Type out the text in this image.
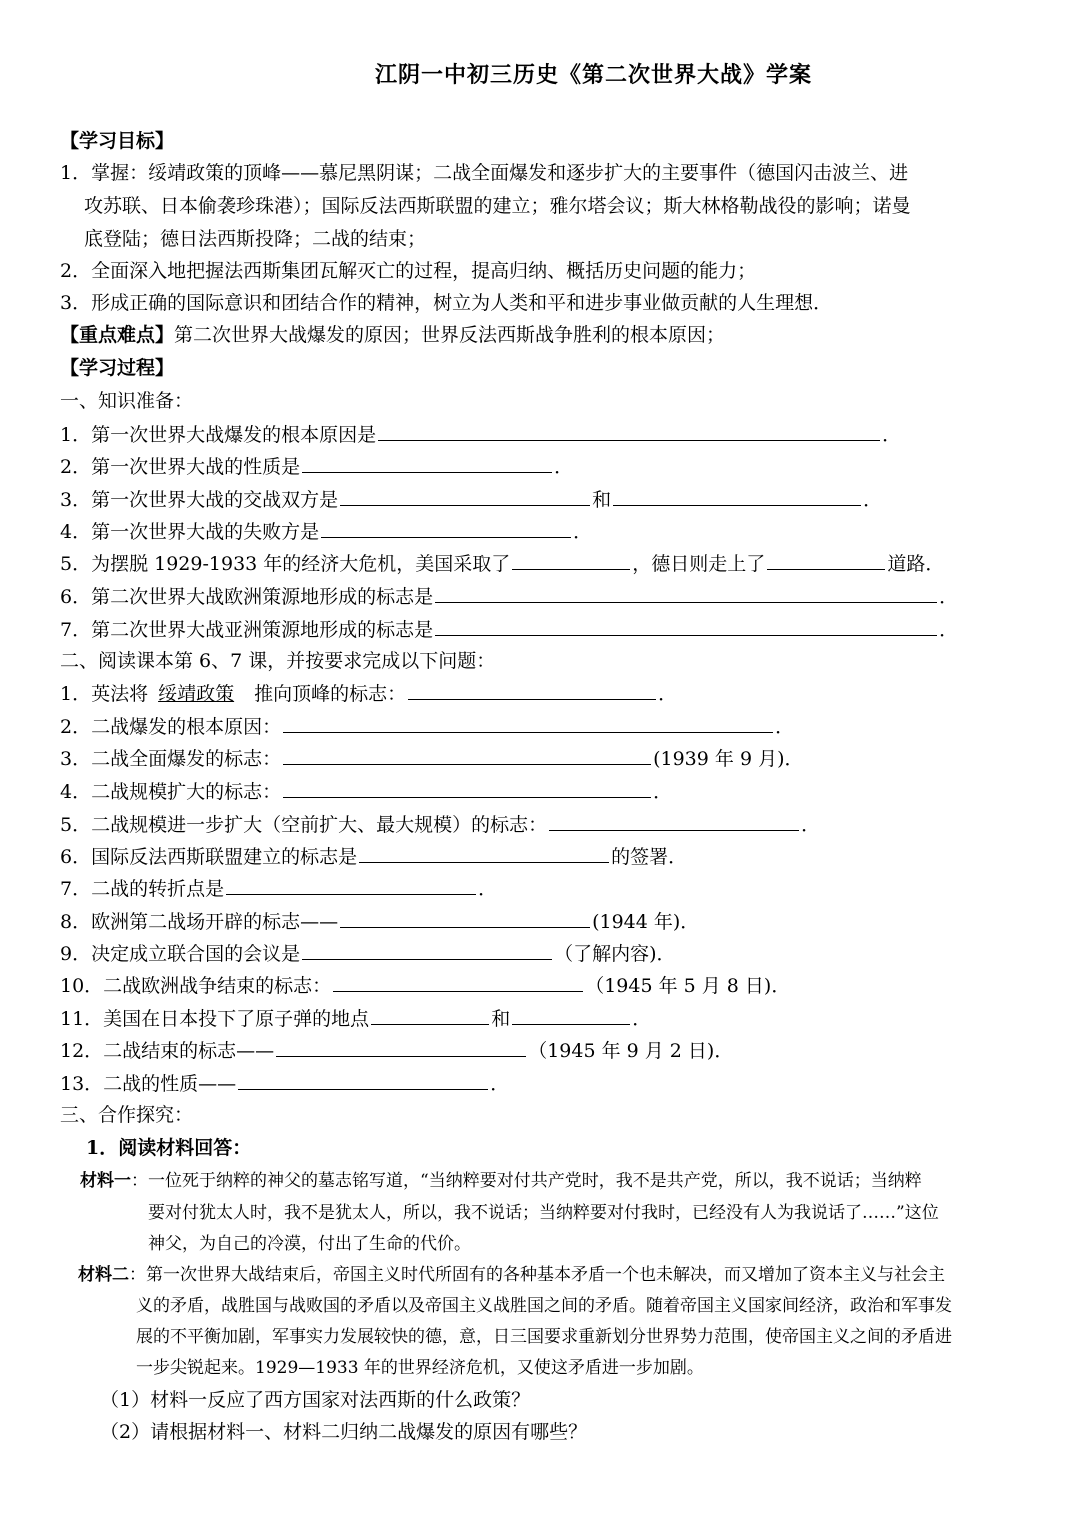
江阴一中初三历史《第二次世界大战》学案
【学习目标】
1．掌握：绥靖政策的顶峰——慕尼黑阴谋；二战全面爆发和逐步扩大的主要事件（德国闪击波兰、进
攻苏联、日本偷袭珍珠港）；国际反法西斯联盟的建立；雅尔塔会议；斯大林格勒战役的影响；诺曼
底登陆；德日法西斯投降；二战的结束；
2．全面深入地把握法西斯集团瓦解灭亡的过程，提高归纳、概括历史问题的能力；
3．形成正确的国际意识和团结合作的精神，树立为人类和平和进步事业做贡献的人生理想．
【重点难点】第二次世界大战爆发的原因；世界反法西斯战争胜利的根本原因；
【学习过程】
一、知识准备：
1．第一次世界大战爆发的根本原因是	．
2．第一次世界大战的性质是	．
3．第一次世界大战的交战双方是	和	．
4．第一次世界大战的失败方是	．
5．为摆脱 1929-1933 年的经济大危机，美国采取了	，德日则走上了	道路．
6．第二次世界大战欧洲策源地形成的标志是	．
7．第二次世界大战亚洲策源地形成的标志是	．
二、阅读课本第 6、7 课，并按要求完成以下问题：
1．英法将 绥靖政策 推向顶峰的标志：	．
2．二战爆发的根本原因：	．
3．二战全面爆发的标志：	(1939 年 9 月)．
4．二战规模扩大的标志：	．
5．二战规模进一步扩大（空前扩大、最大规模）的标志：	．
6．国际反法西斯联盟建立的标志是	的签署．
7．二战的转折点是	．
8．欧洲第二战场开辟的标志——	(1944 年)．
9．决定成立联合国的会议是	（了解内容)．
10．二战欧洲战争结束的标志：	（1945 年 5 月 8 日)．
11．美国在日本投下了原子弹的地点	和	．
12．二战结束的标志——	（1945 年 9 月 2 日)．
13．二战的性质——	．
三、合作探究：
1．阅读材料回答：
材料一：一位死于纳粹的神父的墓志铭写道，“当纳粹要对付共产党时，我不是共产党，所以，我不说话；当纳粹
要对付犹太人时，我不是犹太人，所以，我不说话；当纳粹要对付我时，已经没有人为我说话了……”这位
神父，为自己的冷漠，付出了生命的代价。
材料二：第一次世界大战结束后，帝国主义时代所固有的各种基本矛盾一个也未解决，而又增加了资本主义与社会主
义的矛盾，战胜国与战败国的矛盾以及帝国主义战胜国之间的矛盾。随着帝国主义国家间经济，政治和军事发
展的不平衡加剧，军事实力发展较快的德，意，日三国要求重新划分世界势力范围，使帝国主义之间的矛盾进
一步尖锐起来。1929—1933 年的世界经济危机，又使这矛盾进一步加剧。
（1）材料一反应了西方国家对法西斯的什么政策？
（2）请根据材料一、材料二归纳二战爆发的原因有哪些？
